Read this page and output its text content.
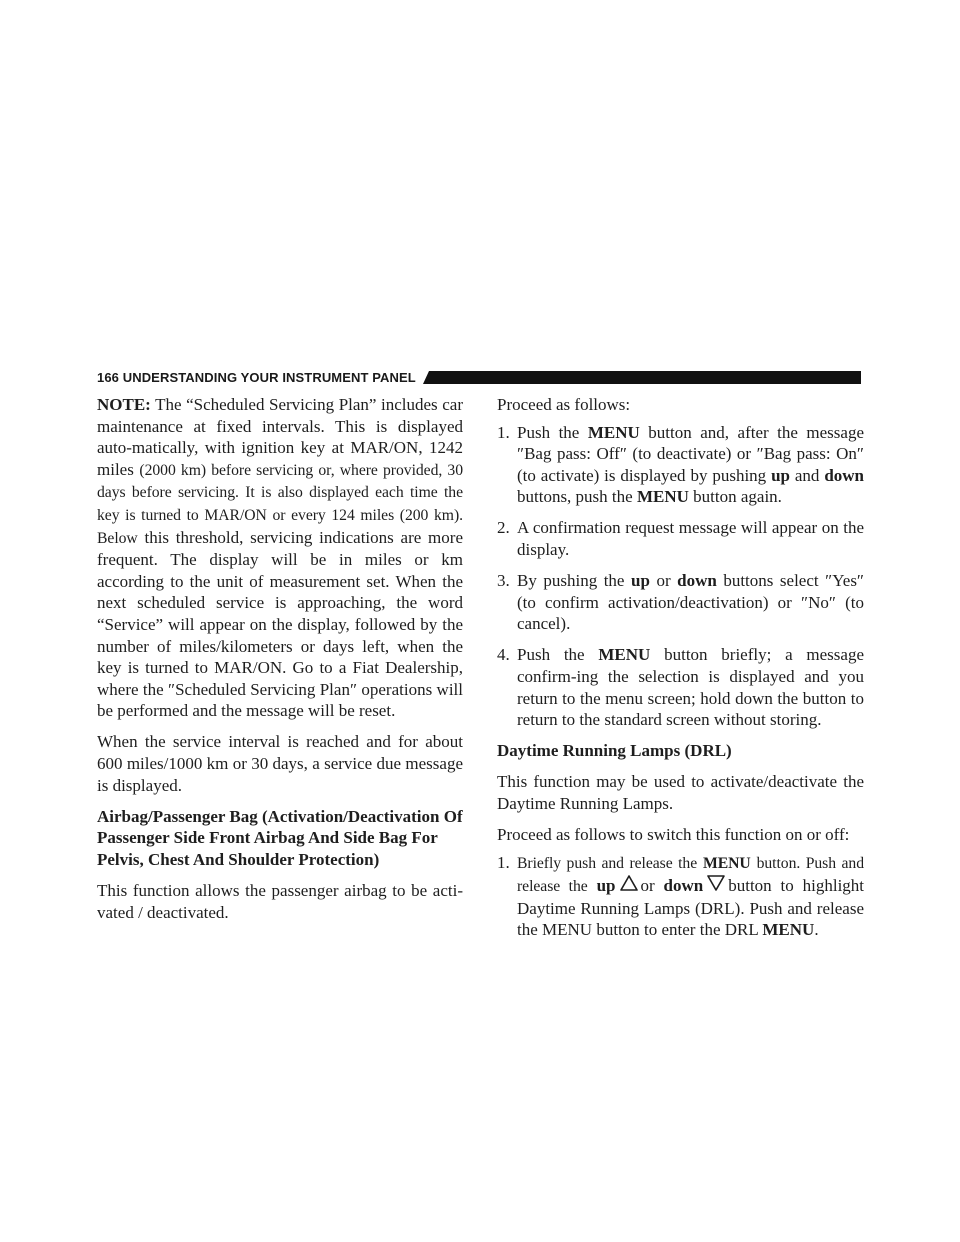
166 UNDERSTANDING YOUR INSTRUMENT PANEL

NOTE: The “Scheduled Servicing Plan” includes car maintenance at fixed intervals. This is displayed auto-matically, with ignition key at MAR/ON, 1242 miles (2000 km) before servicing or, where provided, 30 days before servicing. It is also displayed each time the key is turned to MAR/ON or every 124 miles (200 km). Below this threshold, servicing indications are more frequent. The display will be in miles or km according to the unit of measurement set. When the next scheduled service is approaching, the word “Service” will appear on the display, followed by the number of miles/kilometers or days left, when the key is turned to MAR/ON. Go to a Fiat Dealership, where the ″Scheduled Servicing Plan″ operations will be performed and the message will be reset.

When the service interval is reached and for about 600 miles/1000 km or 30 days, a service due message is displayed.

Airbag/Passenger Bag (Activation/Deactivation Of Passenger Side Front Airbag And Side Bag For Pelvis, Chest And Shoulder Protection)

This function allows the passenger airbag to be acti-vated / deactivated.

Proceed as follows:

1. Push the MENU button and, after the message ″Bag pass: Off″ (to deactivate) or ″Bag pass: On″ (to activate) is displayed by pushing up and down buttons, push the MENU button again.
2. A confirmation request message will appear on the display.
3. By pushing the up or down buttons select ″Yes″ (to confirm activation/deactivation) or ″No″ (to cancel).
4. Push the MENU button briefly; a message confirm-ing the selection is displayed and you return to the menu screen; hold down the button to return to the standard screen without storing.

Daytime Running Lamps (DRL)

This function may be used to activate/deactivate the Daytime Running Lamps.

Proceed as follows to switch this function on or off:

1. Briefly push and release the MENU button. Push and release the up or down button to highlight Daytime Running Lamps (DRL). Push and release the MENU button to enter the DRL MENU.
